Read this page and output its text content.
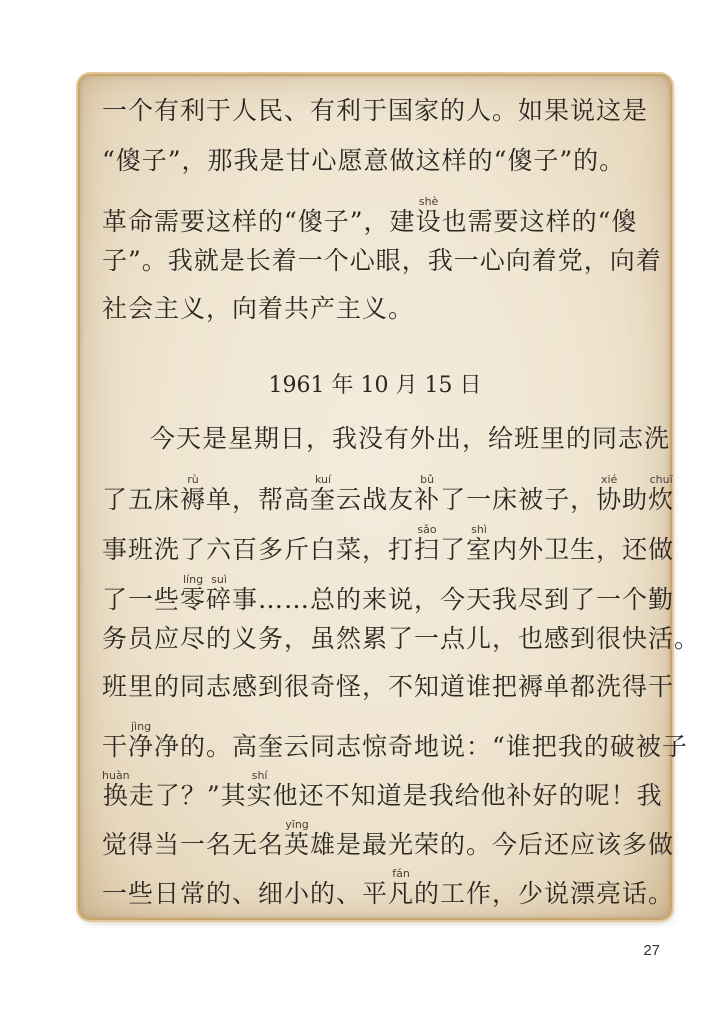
一个有利于人民、有利于国家的人。如果说这是
“傻子”，那我是甘心愿意做这样的“傻子”的。
革命需要这样的“傻子”，建设shè也需要这样的“傻
子”。我就是长着一个心眼，我一心向着党，向着
社会主义，向着共产主义。
1961 年 10 月 15 日
今天是星期日，我没有外出，给班里的同志洗
了五床褥rù单，帮高奎kuí云战友补bǔ了一床被子，协xié助炊chuī
事班洗了六百多斤白菜，打扫sǎo了室shì内外卫生，还做
了一些零líng碎suì事……总的来说，今天我尽到了一个勤
务员应尽的义务，虽然累了一点儿，也感到很快活。
班里的同志感到很奇怪，不知道谁把褥单都洗得干
干净jìng净的。高奎云同志惊奇地说：“谁把我的破被子
换huàn走了？”其实shí他还不知道是我给他补好的呢！我
觉得当一名无名英yīng雄是最光荣的。今后还应该多做
一些日常的、细小的、平凡fán的工作，少说漂亮话。
27
